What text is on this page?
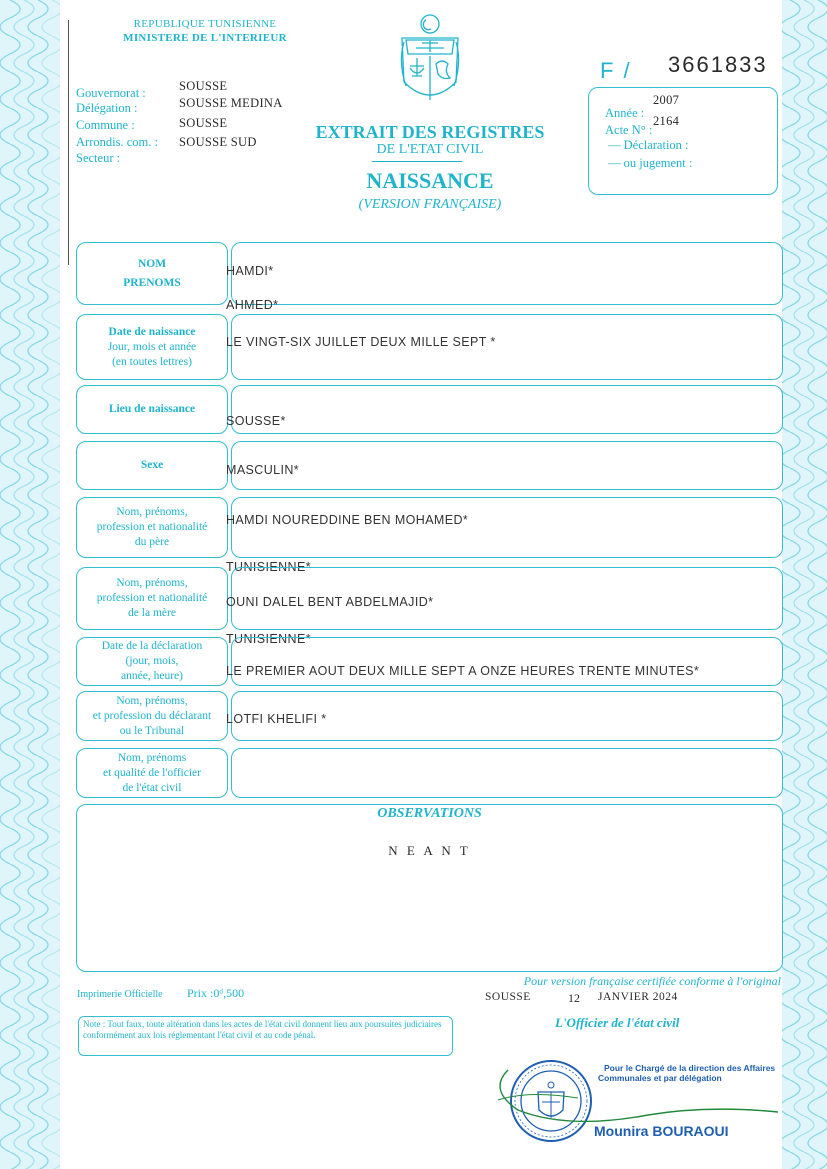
REPUBLIQUE TUNISIENNE
MINISTERE DE L'INTERIEUR
Gouvernorat :	SOUSSE
Délégation :	SOUSSE MEDINA
Commune :	SOUSSE
Arrondis. com. : SOUSSE SUD
Secteur :
EXTRAIT DES REGISTRES
DE L'ETAT CIVIL
NAISSANCE
(VERSION FRANÇAISE)
F / 3661833
Année :
2007
Acte N° :
2164
— Déclaration :
— ou jugement :
NOM
PRENOMS
HAMDI*
AHMED*
Date de naissance
Jour, mois et année
(en toutes lettres)
LE VINGT-SIX JUILLET DEUX MILLE SEPT *
Lieu de naissance
SOUSSE*
Sexe	MASCULIN*
Nom, prénoms,
profession et nationalité
du père
HAMDI NOUREDDINE BEN MOHAMED*
TUNISIENNE*
Nom, prénoms,
profession et nationalité
de la mère
OUNI DALEL BENT ABDELMAJID*
TUNISIENNE*
Date de la déclaration
(jour, mois,
année, heure)	LE PREMIER AOUT DEUX MILLE SEPT A ONZE HEURES TRENTE MINUTES*
Nom, prénoms,
et profession du déclarant
ou le Tribunal
LOTFI KHELIFI *
Nom, prénoms
et qualité de l'officier
de l'état civil
OBSERVATIONS
N E A N T
Imprimerie Officielle Prix :0ᵈ,500
Pour version française certifiée conforme à l'original
SOUSSE	12 JANVIER 2024
L'Officier de l'état civil
Note : Tout faux, toute altération dans les actes de l'état civil donnent lieu aux poursuites judiciaires conformément aux lois réglementant l'état civil et au code pénal.
Pour le Chargé de la direction des Affaires
Communales et par délégation
Mounira BOURAOUI
